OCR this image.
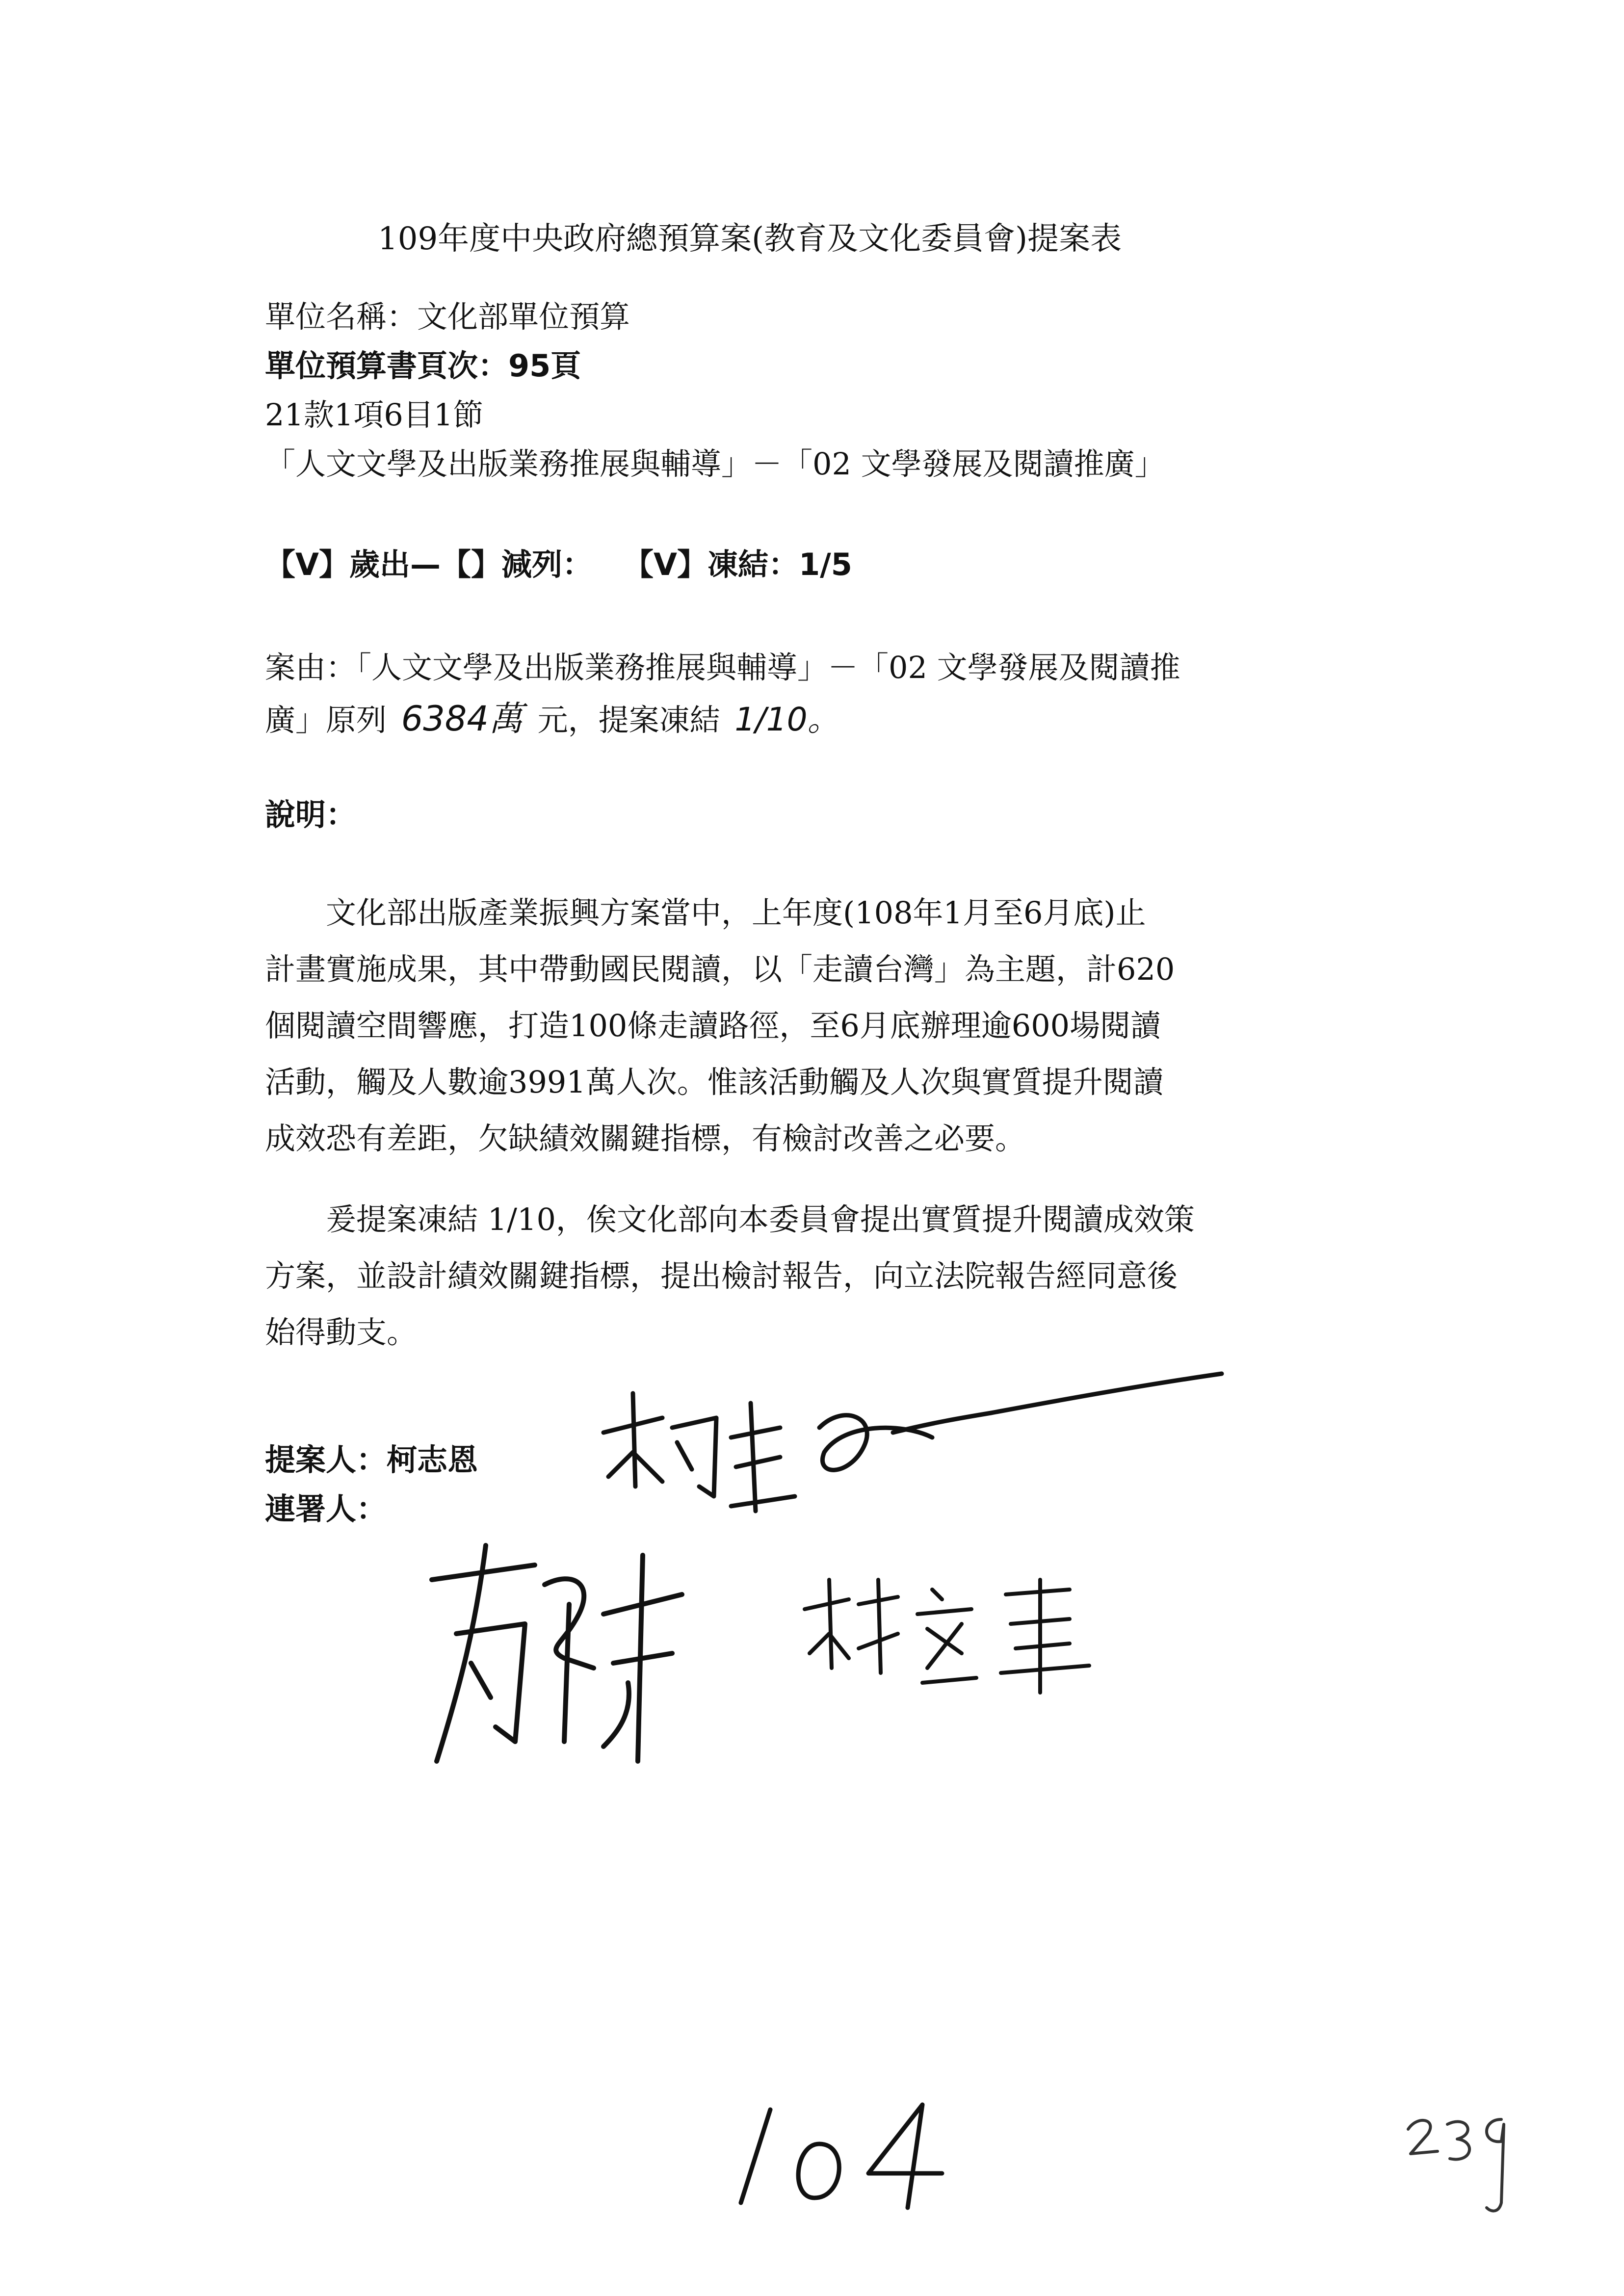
109年度中央政府總預算案(教育及文化委員會)提案表
單位名稱：文化部單位預算
單位預算書頁次：95頁
21款1項6目1節
「人文文學及出版業務推展與輔導」－「02 文學發展及閱讀推廣」
【V】歲出—【】減列：　　【V】凍結：1/5
案由：「人文文學及出版業務推展與輔導」－「02 文學發展及閱讀推
廣」原列 6384萬 元，提案凍結 1/10。
說明：
　　文化部出版產業振興方案當中，上年度(108年1月至6月底)止
計畫實施成果，其中帶動國民閱讀，以「走讀台灣」為主題，計620
個閱讀空間響應，打造100條走讀路徑，至6月底辦理逾600場閱讀
活動，觸及人數逾3991萬人次。惟該活動觸及人次與實質提升閱讀
成效恐有差距，欠缺績效關鍵指標，有檢討改善之必要。
　　爰提案凍結 1/10，俟文化部向本委員會提出實質提升閱讀成效策
方案，並設計績效關鍵指標，提出檢討報告，向立法院報告經同意後
始得動支。
提案人：柯志恩
連署人：
